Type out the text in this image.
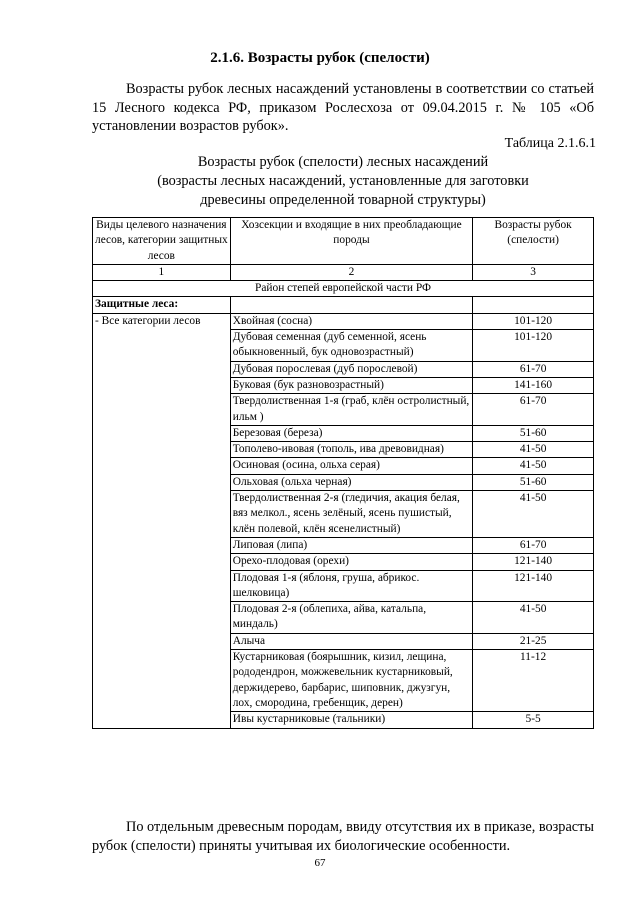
2.1.6. Возрасты рубок (спелости)

Возрасты рубок лесных насаждений установлены в соответствии со статьей 15 Лесного кодекса РФ, приказом Рослесхоза от 09.04.2015 г. № 105 «Об установлении возрастов рубок».

Таблица 2.1.6.1
Возрасты рубок (спелости) лесных насаждений
(возрасты лесных насаждений, установленные для заготовки
древесины определенной товарной структуры)
Виды целевого назначения лесов, категории защитных лесов	Хозсекции и входящие в них преобладающие породы	Возрасты рубок (спелости)
1	2	3
Район степей европейской части РФ		
Защитные леса:		
- Все категории лесов	Хвойная (сосна)	101-120
	Дубовая семенная (дуб семенной, ясень обыкновенный, бук одновозрастный)	101-120
	Дубовая порослевая (дуб порослевой)	61-70
	Буковая (бук разновозрастный)	141-160
	Твердолиственная 1-я (граб, клён остролистный, ильм )	61-70
	Березовая (береза)	51-60
	Тополево-ивовая (тополь, ива древовидная)	41-50
	Осиновая (осина, ольха серая)	41-50
	Ольховая (ольха черная)	51-60
	Твердолиственная 2-я (гледичия, акация белая, вяз мелкол., ясень зелёный, ясень пушистый, клён полевой, клён ясенелистный)	41-50
	Липовая (липа)	61-70
	Орехо-плодовая (орехи)	121-140
	Плодовая 1-я (яблоня, груша, абрикос. шелковица)	121-140
	Плодовая 2-я (облепиха, айва, катальпа, миндаль)	41-50
	Алыча	21-25
	Кустарниковая (боярышник, кизил, лещина, рододендрон, можжевельник кустарниковый, держидерево, барбарис, шиповник, джузгун, лох, смородина, гребенщик, дерен)	11-12
	Ивы кустарниковые (тальники)	5-5

По отдельным древесным породам, ввиду отсутствия их в приказе, возрасты рубок (спелости) приняты учитывая их биологические особенности.

67
